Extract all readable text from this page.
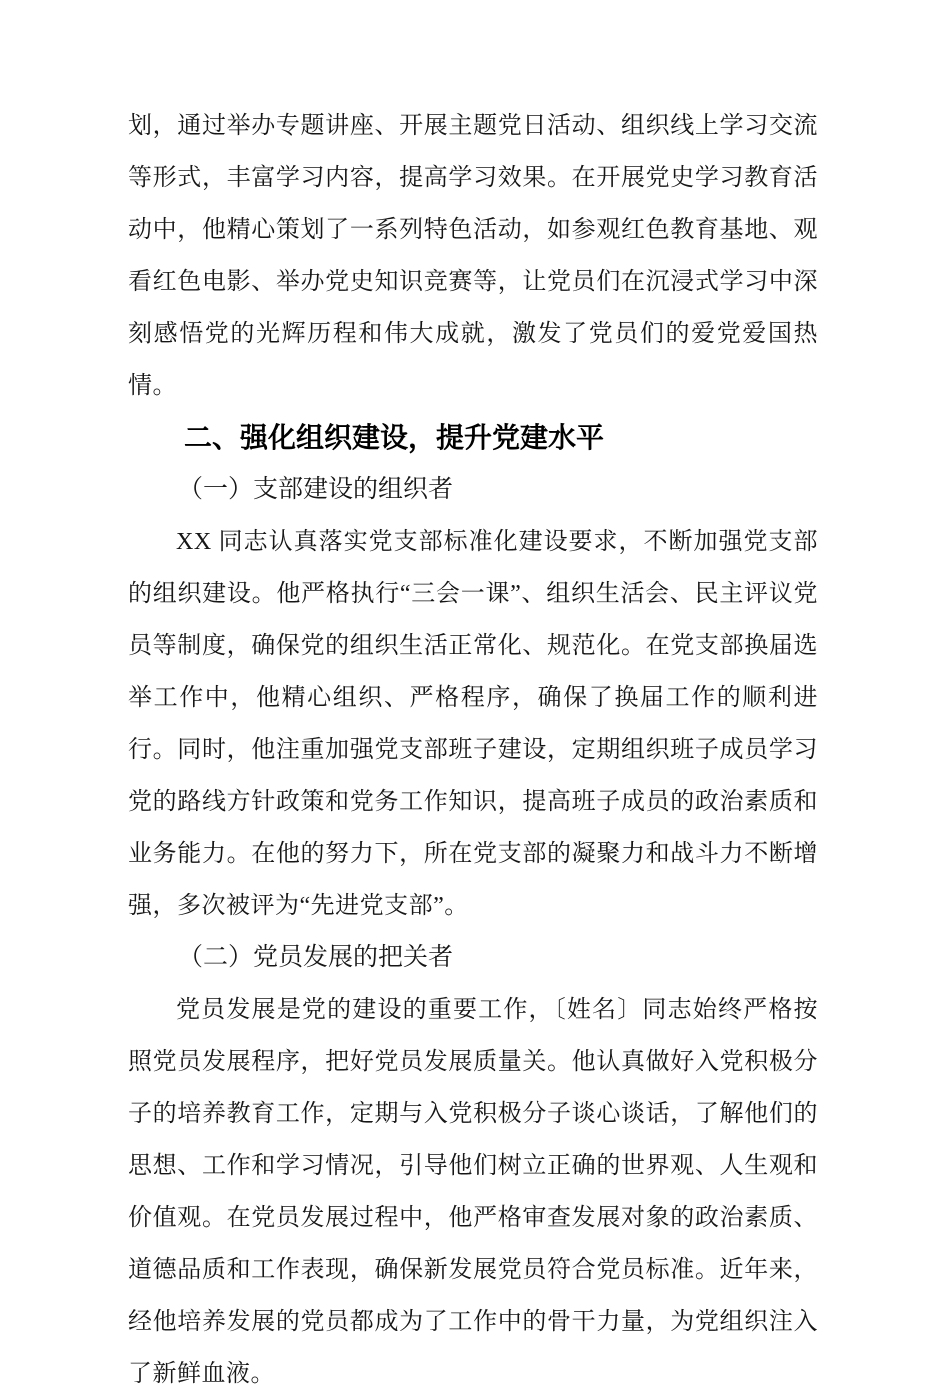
划，通过举办专题讲座、开展主题党日活动、组织线上学习交流等形式，丰富学习内容，提高学习效果。在开展党史学习教育活动中，他精心策划了一系列特色活动，如参观红色教育基地、观看红色电影、举办党史知识竞赛等，让党员们在沉浸式学习中深刻感悟党的光辉历程和伟大成就，激发了党员们的爱党爱国热情。

二、强化组织建设，提升党建水平
（一）支部建设的组织者

XX 同志认真落实党支部标准化建设要求，不断加强党支部的组织建设。他严格执行“三会一课”、组织生活会、民主评议党员等制度，确保党的组织生活正常化、规范化。在党支部换届选举工作中，他精心组织、严格程序，确保了换届工作的顺利进行。同时，他注重加强党支部班子建设，定期组织班子成员学习党的路线方针政策和党务工作知识，提高班子成员的政治素质和业务能力。在他的努力下，所在党支部的凝聚力和战斗力不断增强，多次被评为“先进党支部”。

（二）党员发展的把关者

党员发展是党的建设的重要工作，〔姓名〕同志始终严格按照党员发展程序，把好党员发展质量关。他认真做好入党积极分子的培养教育工作，定期与入党积极分子谈心谈话，了解他们的思想、工作和学习情况，引导他们树立正确的世界观、人生观和价值观。在党员发展过程中，他严格审查发展对象的政治素质、道德品质和工作表现，确保新发展党员符合党员标准。近年来，经他培养发展的党员都成为了工作中的骨干力量，为党组织注入了新鲜血液。
